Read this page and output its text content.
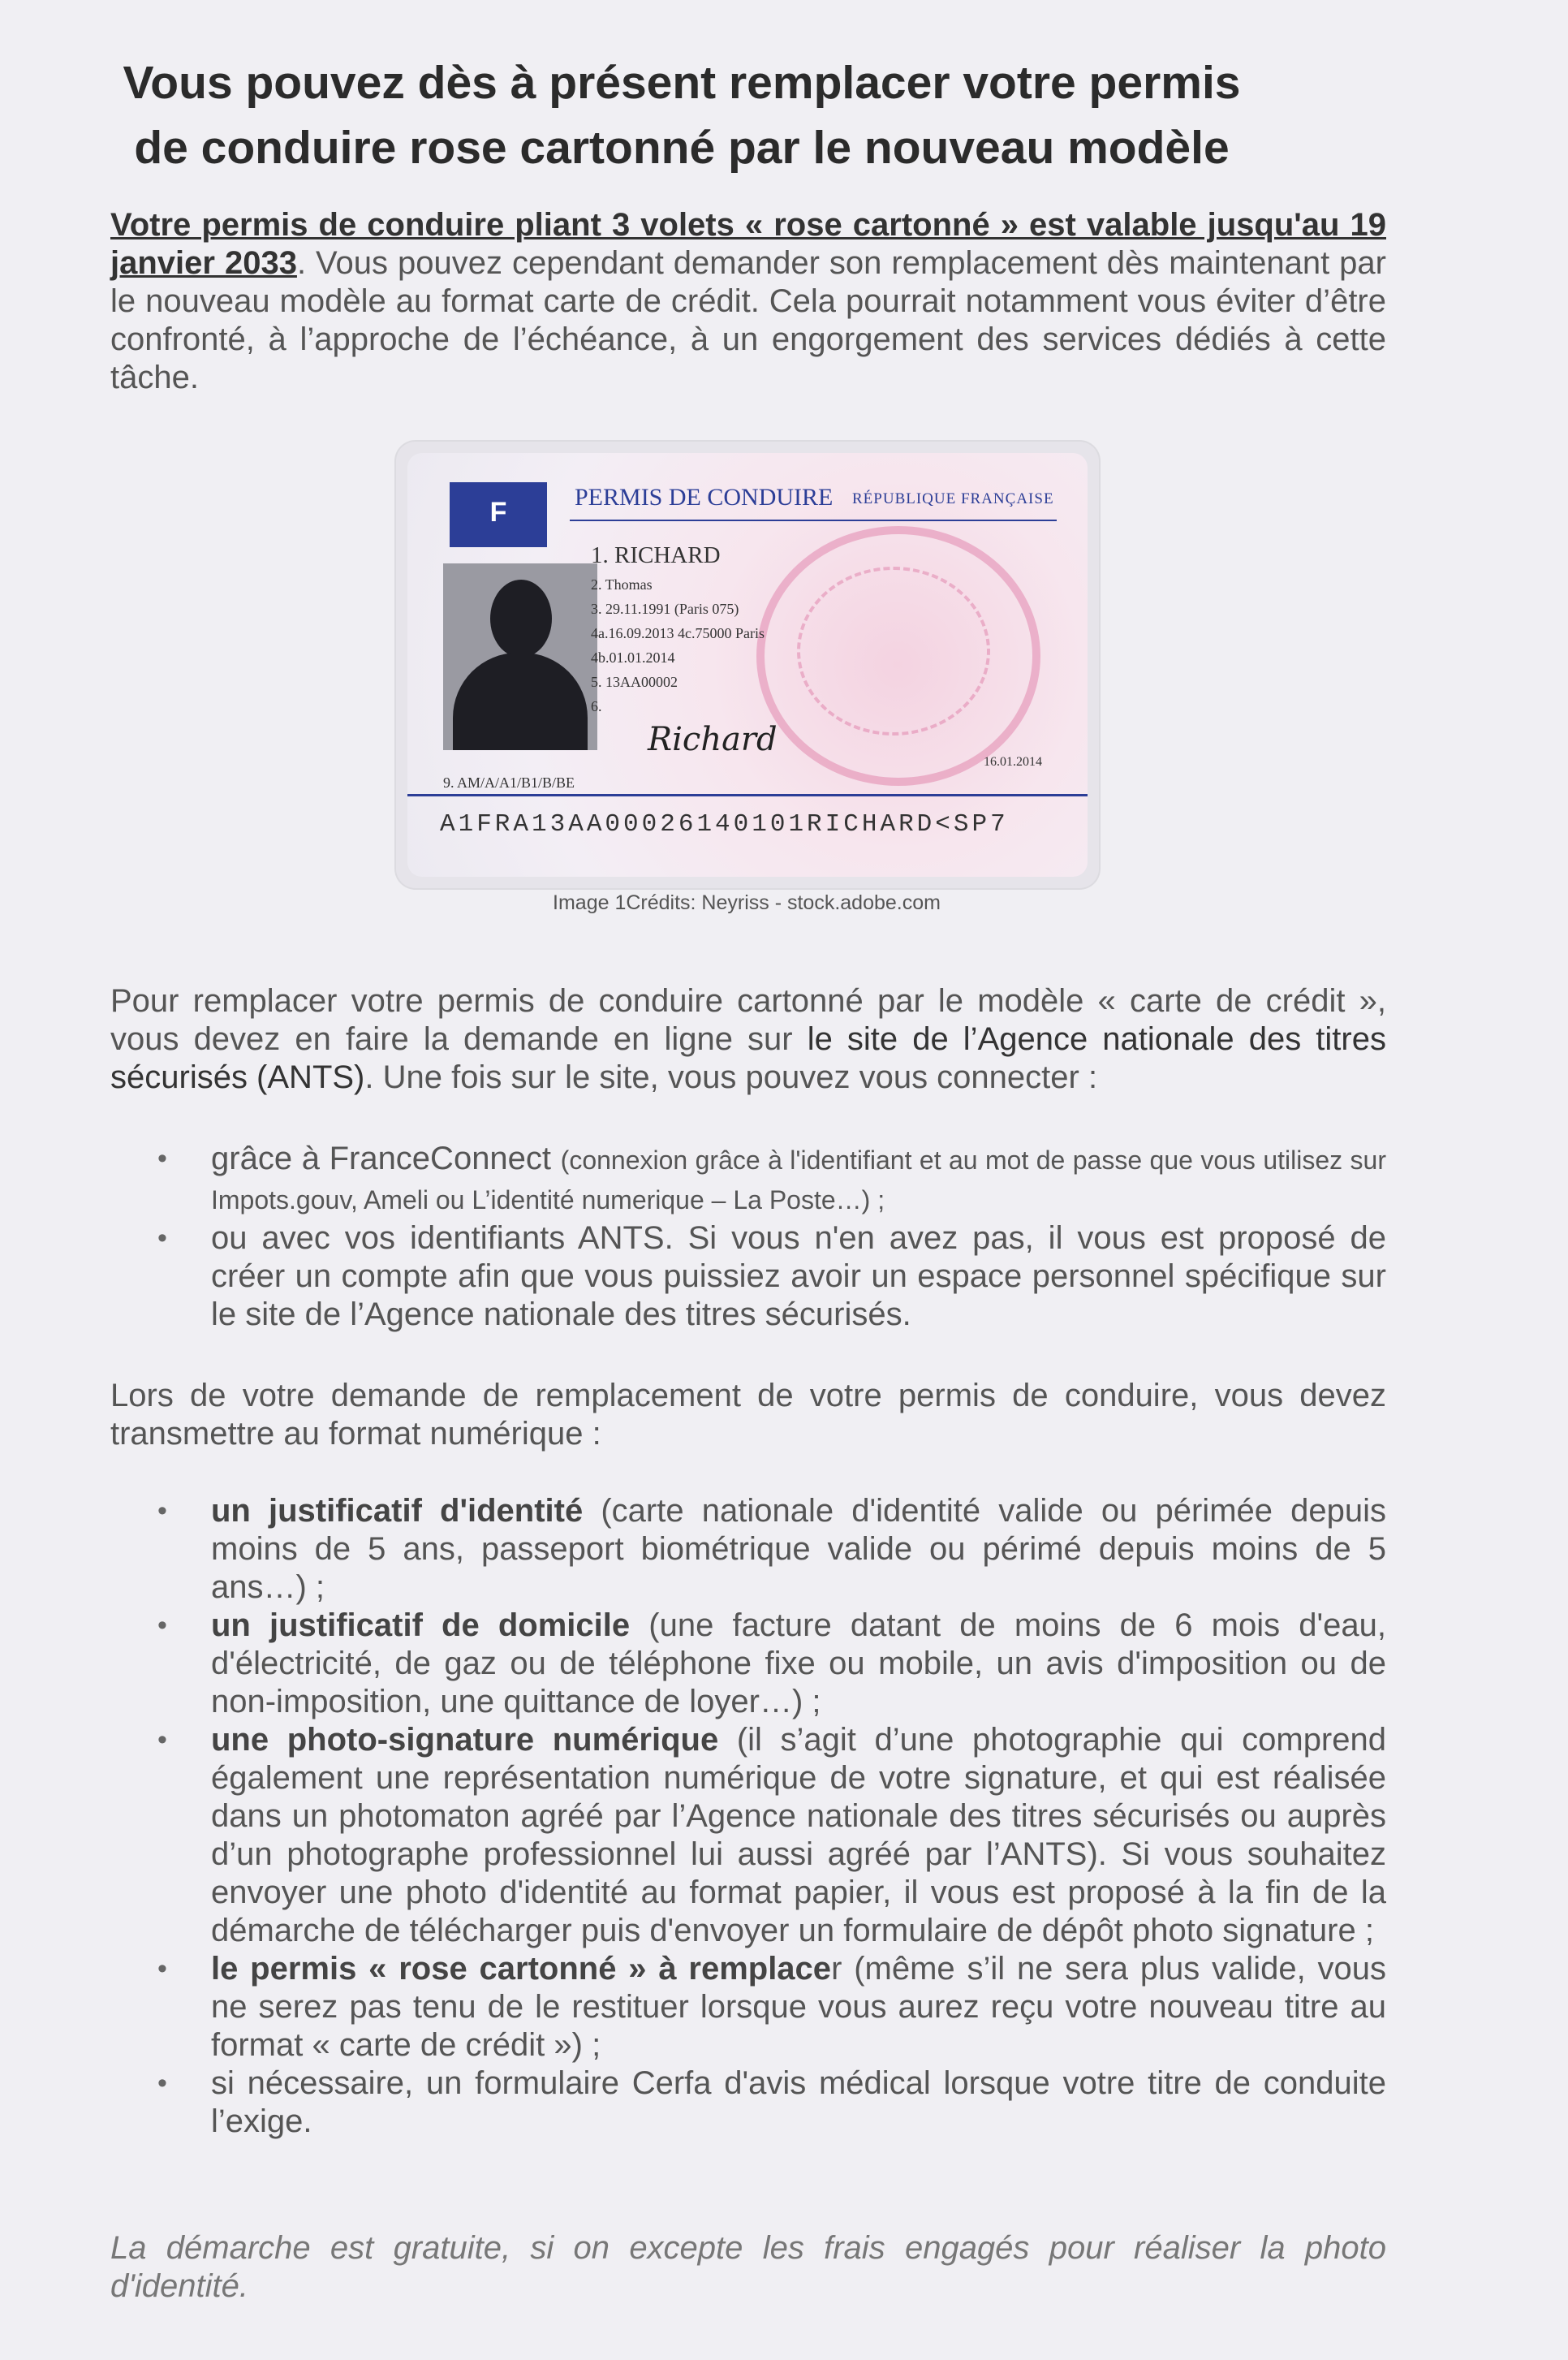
Vous pouvez dès à présent remplacer votre permis
de conduire rose cartonné par le nouveau modèle
Votre permis de conduire pliant 3 volets « rose cartonné » est valable jusqu'au 19 janvier 2033. Vous pouvez cependant demander son remplacement dès maintenant par le nouveau modèle au format carte de crédit. Cela pourrait notamment vous éviter d’être confronté, à l’approche de l’échéance, à un engorgement des services dédiés à cette tâche.
F	PERMIS DE CONDUIRE RÉPUBLIQUE FRANÇAISE
1. RICHARD
2. Thomas
3. 29.11.1991 (Paris 075)
4a.16.09.2013 4c.75000 Paris
4b.01.01.2014
5. 13AA00002
6.
Richard
16.01.2014
9. AM/A/A1/B1/B/BE
A1FRA13AA00026140101RICHARD<SP7
Image 1Crédits: Neyriss - stock.adobe.com
Pour remplacer votre permis de conduire cartonné par le modèle « carte de crédit », vous devez en faire la demande en ligne sur le site de l’Agence nationale des titres sécurisés (ANTS). Une fois sur le site, vous pouvez vous connecter :
• grâce à FranceConnect (connexion grâce à l'identifiant et au mot de passe que vous utilisez sur Impots.gouv, Ameli ou L’identité numerique – La Poste…) ;
• ou avec vos identifiants ANTS. Si vous n'en avez pas, il vous est proposé de créer un compte afin que vous puissiez avoir un espace personnel spécifique sur le site de l’Agence nationale des titres sécurisés.
Lors de votre demande de remplacement de votre permis de conduire, vous devez transmettre au format numérique :
• un justificatif d'identité (carte nationale d'identité valide ou périmée depuis moins de 5 ans, passeport biométrique valide ou périmé depuis moins de 5 ans…) ;
• un justificatif de domicile (une facture datant de moins de 6 mois d'eau, d'électricité, de gaz ou de téléphone fixe ou mobile, un avis d'imposition ou de non-imposition, une quittance de loyer…) ;
• une photo-signature numérique (il s’agit d’une photographie qui comprend également une représentation numérique de votre signature, et qui est réalisée dans un photomaton agréé par l’Agence nationale des titres sécurisés ou auprès d’un photographe professionnel lui aussi agréé par l’ANTS). Si vous souhaitez envoyer une photo d'identité au format papier, il vous est proposé à la fin de la démarche de télécharger puis d'envoyer un formulaire de dépôt photo signature ;
• le permis « rose cartonné » à remplacer (même s’il ne sera plus valide, vous ne serez pas tenu de le restituer lorsque vous aurez reçu votre nouveau titre au format « carte de crédit ») ;
• si nécessaire, un formulaire Cerfa d'avis médical lorsque votre titre de conduite l’exige.
La démarche est gratuite, si on excepte les frais engagés pour réaliser la photo d'identité.
